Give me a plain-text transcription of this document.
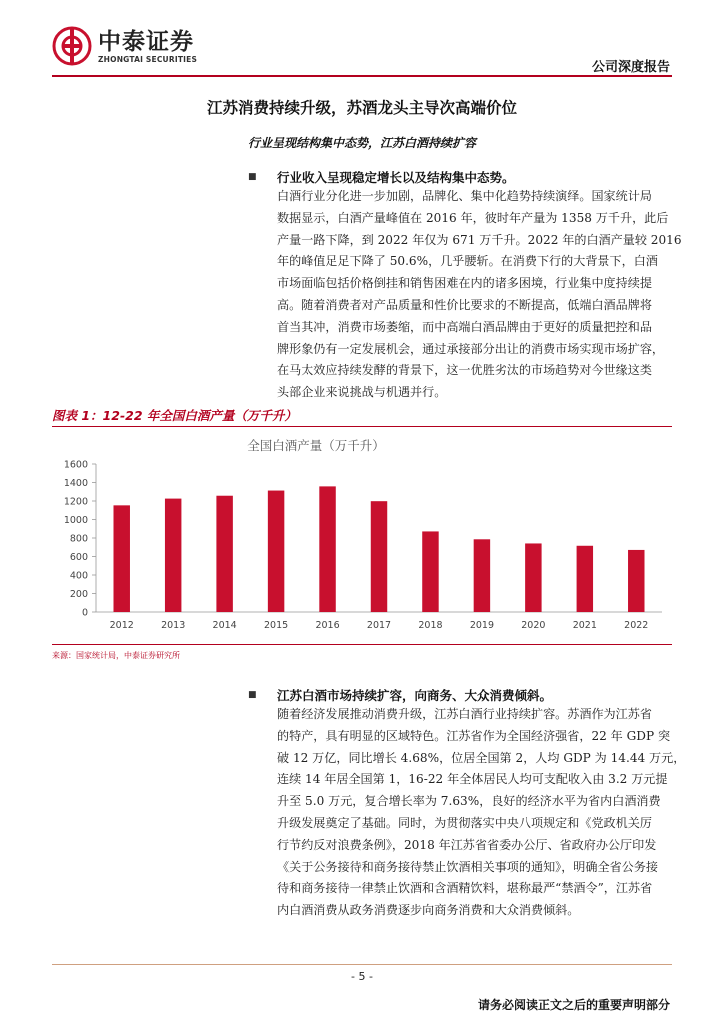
中泰证券
ZHONGTAI SECURITIES
公司深度报告
江苏消费持续升级，苏酒龙头主导次高端价位
行业呈现结构集中态势，江苏白酒持续扩容
■ 行业收入呈现稳定增长以及结构集中态势。
白酒行业分化进一步加剧，品牌化、集中化趋势持续演绎。国家统计局
数据显示，白酒产量峰值在 2016 年，彼时年产量为 1358 万千升，此后
产量一路下降，到 2022 年仅为 671 万千升。2022 年的白酒产量较 2016
年的峰值足足下降了 50.6%，几乎腰斩。在消费下行的大背景下，白酒
市场面临包括价格倒挂和销售困难在内的诸多困境，行业集中度持续提
高。随着消费者对产品质量和性价比要求的不断提高，低端白酒品牌将
首当其冲，消费市场萎缩，而中高端白酒品牌由于更好的质量把控和品
牌形象仍有一定发展机会，通过承接部分出让的消费市场实现市场扩容，
在马太效应持续发酵的背景下，这一优胜劣汰的市场趋势对今世缘这类
头部企业来说挑战与机遇并行。
图表 1：12-22 年全国白酒产量（万千升）
全国白酒产量（万千升）
0
200
400
600
800
1000
1200
1400
1600
2012	2013	2014	2015	2016	2017	2018	2019	2020	2021	2022
来源：国家统计局，中泰证券研究所
■ 江苏白酒市场持续扩容，向商务、大众消费倾斜。
随着经济发展推动消费升级，江苏白酒行业持续扩容。苏酒作为江苏省
的特产，具有明显的区域特色。江苏省作为全国经济强省，22 年 GDP 突
破 12 万亿，同比增长 4.68%，位居全国第 2，人均 GDP 为 14.44 万元，
连续 14 年居全国第 1，16-22 年全体居民人均可支配收入由 3.2 万元提
升至 5.0 万元，复合增长率为 7.63%，良好的经济水平为省内白酒消费
升级发展奠定了基础。同时，为贯彻落实中央八项规定和《党政机关厉
行节约反对浪费条例》，2018 年江苏省省委办公厅、省政府办公厅印发
《关于公务接待和商务接待禁止饮酒相关事项的通知》，明确全省公务接
待和商务接待一律禁止饮酒和含酒精饮料，堪称最严“禁酒令”，江苏省
内白酒消费从政务消费逐步向商务消费和大众消费倾斜。
- 5 -
请务必阅读正文之后的重要声明部分
